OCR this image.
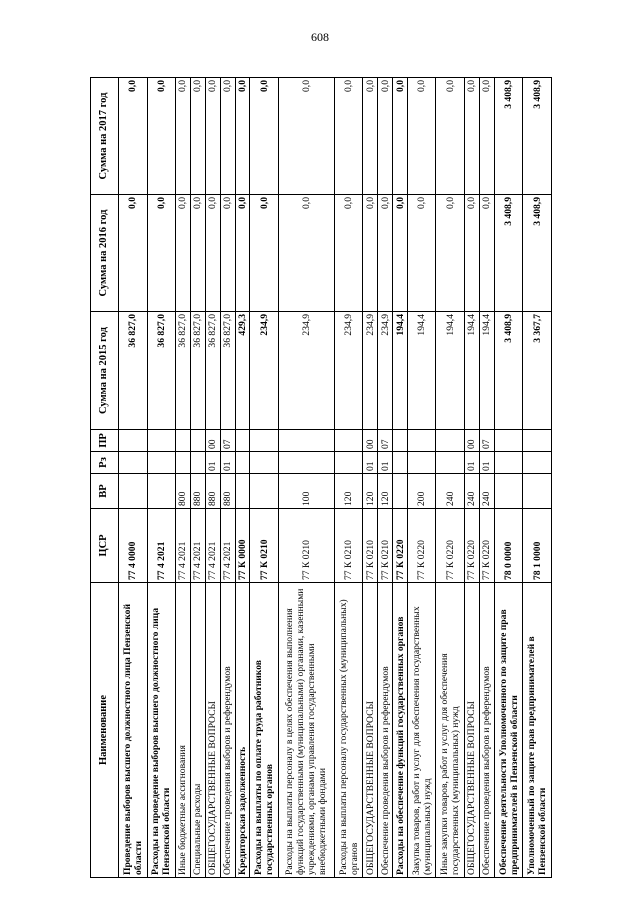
608
Наименование	ЦСР	ВР	Рз	ПР	Сумма на 2015 год	Сумма на 2016 год	Сумма на 2017 год
Проведение выборов высшего должностного лица Пензенской области	77 4 0000				36 827,0	0,0	0,0
Расходы на проведение выборов высшего должностного лица Пензенской области	77 4 2021				36 827,0	0,0	0,0
Иные бюджетные ассигнования	77 4 2021	800			36 827,0	0,0	0,0
Специальные расходы	77 4 2021	880			36 827,0	0,0	0,0
ОБЩЕГОСУДАРСТВЕННЫЕ ВОПРОСЫ	77 4 2021	880	01	00	36 827,0	0,0	0,0
Обеспечение проведения выборов и референдумов	77 4 2021	880	01	07	36 827,0	0,0	0,0
Кредиторская задолженность	77 К 0000				429,3	0,0	0,0
Расходы на выплаты по оплате труда работников государственных органов	77 К 0210				234,9	0,0	0,0
Расходы на выплаты персоналу в целях обеспечения выполнения функций государственными (муниципальными) органами, казенными учреждениями, органами управления государственными внебюджетными фондами	77 К 0210	100			234,9	0,0	0,0
Расходы на выплаты персоналу государственных (муниципальных) органов	77 К 0210	120			234,9	0,0	0,0
ОБЩЕГОСУДАРСТВЕННЫЕ ВОПРОСЫ	77 К 0210	120	01	00	234,9	0,0	0,0
Обеспечение проведения выборов и референдумов	77 К 0210	120	01	07	234,9	0,0	0,0
Расходы на обеспечение функций государственных органов	77 К 0220				194,4	0,0	0,0
Закупка товаров, работ и услуг для обеспечения государственных (муниципальных) нужд	77 К 0220	200			194,4	0,0	0,0
Иные закупки товаров, работ и услуг для обеспечения государственных (муниципальных) нужд	77 К 0220	240			194,4	0,0	0,0
ОБЩЕГОСУДАРСТВЕННЫЕ ВОПРОСЫ	77 К 0220	240	01	00	194,4	0,0	0,0
Обеспечение проведения выборов и референдумов	77 К 0220	240	01	07	194,4	0,0	0,0
Обеспечение деятельности Уполномоченного по защите прав предпринимателей в Пензенской области	78 0 0000				3 408,9	3 408,9	3 408,9
Уполномоченный по защите прав предпринимателей в Пензенской области	78 1 0000				3 367,7	3 408,9	3 408,9
